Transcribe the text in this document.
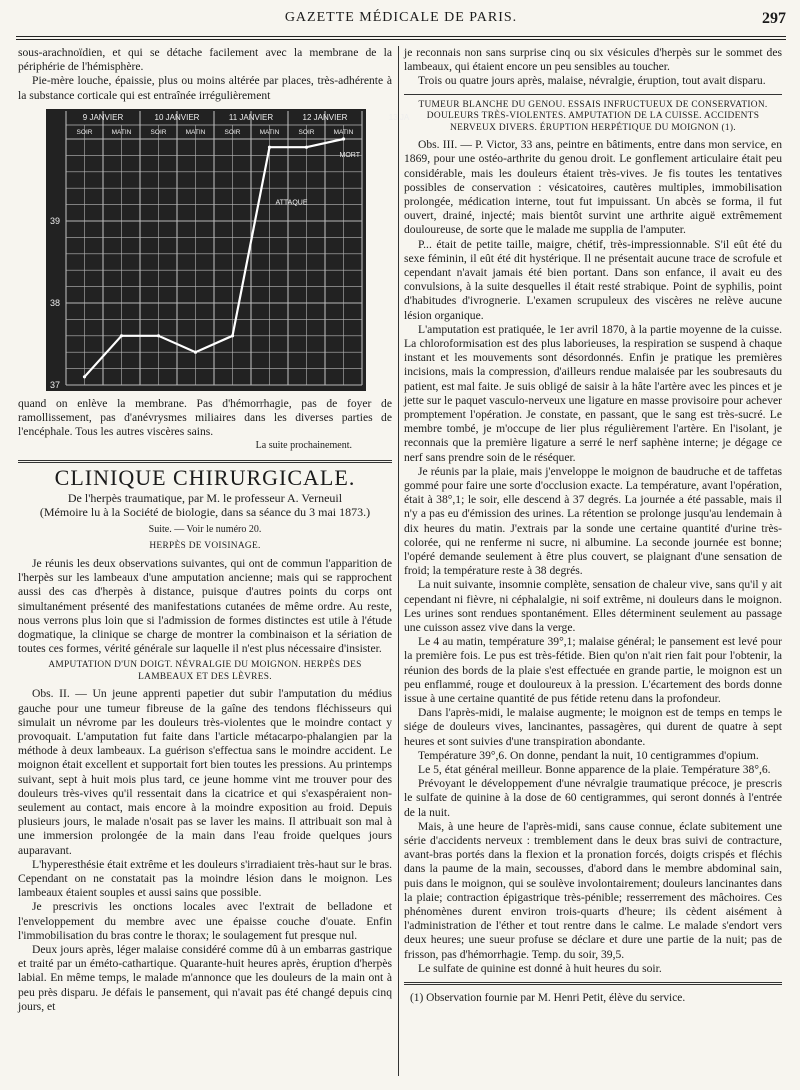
GAZETTE MÉDICALE DE PARIS.	297

sous-arachnoïdien, et qui se détache facilement avec la membrane de la périphérie de l'hémisphère.

Pie-mère louche, épaissie, plus ou moins altérée par places, très-adhérente à la substance corticale qui est entraînée irrégulièrement

9 JANVIER	10 JANVIER	11 JANVIER	12 JANVIER	13 JA
SOIR	MATIN	SOIR	MATIN	SOIR	MATIN	SOIR	MATIN
39
38
37
ATTAQUE
MORT

quand on enlève la membrane. Pas d'hémorrhagie, pas de foyer de ramollissement, pas d'anévrysmes miliaires dans les diverses parties de l'encéphale. Tous les autres viscères sains.

La suite prochainement.

CLINIQUE CHIRURGICALE.

De l'herpès traumatique, par M. le professeur A. Verneuil

(Mémoire lu à la Société de biologie, dans sa séance du 3 mai 1873.)

Suite. — Voir le numéro 20.

HERPÈS DE VOISINAGE.

Je réunis les deux observations suivantes, qui ont de commun l'apparition de l'herpès sur les lambeaux d'une amputation ancienne; mais qui se rapprochent aussi des cas d'herpès à distance, puisque d'autres points du corps ont simultanément présenté des manifestations cutanées de même ordre. Au reste, nous verrons plus loin que si l'admission de formes distinctes est utile à l'étude dogmatique, la clinique se charge de montrer la combinaison et la sériation de toutes ces formes, vérité générale sur laquelle il n'est plus nécessaire d'insister.

AMPUTATION D'UN DOIGT. NÉVRALGIE DU MOIGNON. HERPÈS DES LAMBEAUX ET DES LÈVRES.

Obs. II. — Un jeune apprenti papetier dut subir l'amputation du médius gauche pour une tumeur fibreuse de la gaîne des tendons fléchisseurs qui simulait un névrome par les douleurs très-violentes que le moindre contact y provoquait. L'amputation fut faite dans l'article métacarpo-phalangien par la méthode à deux lambeaux. La guérison s'effectua sans le moindre accident. Le moignon était excellent et supportait fort bien toutes les pressions. Au printemps suivant, sept à huit mois plus tard, ce jeune homme vint me trouver pour des douleurs très-vives qu'il ressentait dans la cicatrice et qui s'exaspéraient non-seulement au contact, mais encore à la moindre exposition au froid. Depuis plusieurs jours, le malade n'osait pas se laver les mains. Il attribuait son mal à une immersion prolongée de la main dans l'eau froide quelques jours auparavant.

L'hyperesthésie était extrême et les douleurs s'irradiaient très-haut sur le bras. Cependant on ne constatait pas la moindre lésion dans le moignon. Les lambeaux étaient souples et aussi sains que possible.

Je prescrivis les onctions locales avec l'extrait de belladone et l'enveloppement du membre avec une épaisse couche d'ouate. Enfin l'immobilisation du bras contre le thorax; le soulagement fut presque nul.

Deux jours après, léger malaise considéré comme dû à un embarras gastrique et traité par un éméto-cathartique. Quarante-huit heures après, éruption d'herpès labial. En même temps, le malade m'annonce que les douleurs de la main ont à peu près disparu. Je défais le pansement, qui n'avait pas été changé depuis cinq jours, et

je reconnais non sans surprise cinq ou six vésicules d'herpès sur le sommet des lambeaux, qui étaient encore un peu sensibles au toucher.

Trois ou quatre jours après, malaise, névralgie, éruption, tout avait disparu.

TUMEUR BLANCHE DU GENOU. ESSAIS INFRUCTUEUX DE CONSERVATION. DOULEURS TRÈS-VIOLENTES. AMPUTATION DE LA CUISSE. ACCIDENTS NERVEUX DIVERS. ÉRUPTION HERPÉTIQUE DU MOIGNON (1).

Obs. III. — P. Victor, 33 ans, peintre en bâtiments, entre dans mon service, en 1869, pour une ostéo-arthrite du genou droit. Le gonflement articulaire était peu considérable, mais les douleurs étaient très-vives. Je fis toutes les tentatives possibles de conservation : vésicatoires, cautères multiples, immobilisation prolongée, médication interne, tout fut impuissant. Un abcès se forma, il fut ouvert, drainé, injecté; mais bientôt survint une arthrite aiguë extrêmement douloureuse, de sorte que le malade me supplia de l'amputer.

P... était de petite taille, maigre, chétif, très-impressionnable. S'il eût été du sexe féminin, il eût été dit hystérique. Il ne présentait aucune trace de scrofule et cependant n'avait jamais été bien portant. Dans son enfance, il avait eu des convulsions, à la suite desquelles il était resté strabique. Point de syphilis, point d'habitudes d'ivrognerie. L'examen scrupuleux des viscères ne relève aucune lésion organique.

L'amputation est pratiquée, le 1er avril 1870, à la partie moyenne de la cuisse. La chloroformisation est des plus laborieuses, la respiration se suspend à chaque instant et les mouvements sont désordonnés. Enfin je pratique les premières incisions, mais la compression, d'ailleurs rendue malaisée par les soubresauts du patient, est mal faite. Je suis obligé de saisir à la hâte l'artère avec les pinces et je jette sur le paquet vasculo-nerveux une ligature en masse provisoire pour achever promptement l'opération. Je constate, en passant, que le sang est très-sucré. Le membre tombé, je m'occupe de lier plus régulièrement l'artère. En l'isolant, je reconnais que la première ligature a serré le nerf saphène interne; je dégage ce nerf sans prendre soin de le réséquer.

Je réunis par la plaie, mais j'enveloppe le moignon de baudruche et de taffetas gommé pour faire une sorte d'occlusion exacte. La température, avant l'opération, était à 38°,1; le soir, elle descend à 37 degrés. La journée a été passable, mais il n'y a pas eu d'émission des urines. La rétention se prolonge jusqu'au lendemain à dix heures du matin. J'extrais par la sonde une certaine quantité d'urine très-colorée, qui ne renferme ni sucre, ni albumine. La seconde journée est bonne; l'opéré demande seulement à être plus couvert, se plaignant d'une sensation de froid; la température reste à 38 degrés.

La nuit suivante, insomnie complète, sensation de chaleur vive, sans qu'il y ait cependant ni fièvre, ni céphalalgie, ni soif extrême, ni douleurs dans le moignon. Les urines sont rendues spontanément. Elles déterminent seulement au passage une cuisson assez vive dans la verge.

Le 4 au matin, température 39°,1; malaise général; le pansement est levé pour la première fois. Le pus est très-fétide. Bien qu'on n'ait rien fait pour l'obtenir, la réunion des bords de la plaie s'est effectuée en grande partie, le moignon est un peu enflammé, rouge et douloureux à la pression. L'écartement des bords donne issue à une certaine quantité de pus fétide retenu dans la profondeur.

Dans l'après-midi, le malaise augmente; le moignon est de temps en temps le siége de douleurs vives, lancinantes, passagères, qui durent de quatre à sept heures et sont suivies d'une transpiration abondante.

Température 39°,6. On donne, pendant la nuit, 10 centigrammes d'opium.

Le 5, état général meilleur. Bonne apparence de la plaie. Température 38°,6.

Prévoyant le développement d'une névralgie traumatique précoce, je prescris le sulfate de quinine à la dose de 60 centigrammes, qui seront donnés à l'entrée de la nuit.

Mais, à une heure de l'après-midi, sans cause connue, éclate subitement une série d'accidents nerveux : tremblement dans le deux bras suivi de contracture, avant-bras portés dans la flexion et la pronation forcés, doigts crispés et fléchis dans la paume de la main, secousses, d'abord dans le membre abdominal sain, puis dans le moignon, qui se soulève involontairement; douleurs lancinantes dans la plaie; contraction épigastrique très-pénible; resserrement des mâchoires. Ces phénomènes durent environ trois-quarts d'heure; ils cèdent aisément à l'administration de l'éther et tout rentre dans le calme. Le malade s'endort vers deux heures; une sueur profuse se déclare et dure une partie de la nuit; pas de frisson, pas d'hémorrhagie. Temp. du soir, 39,5.

Le sulfate de quinine est donné à huit heures du soir.

(1) Observation fournie par M. Henri Petit, élève du service.
